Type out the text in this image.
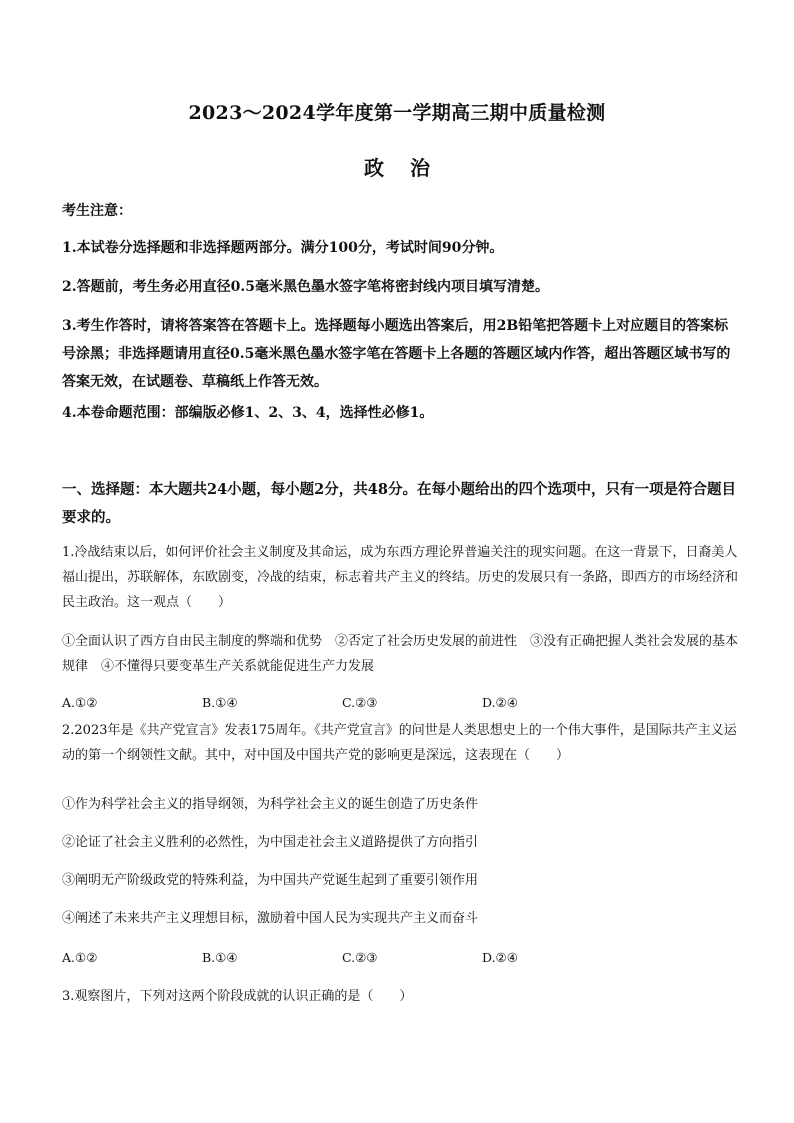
2023～2024学年度第一学期高三期中质量检测
政 治
考生注意：
1.本试卷分选择题和非选择题两部分。满分100分，考试时间90分钟。
2.答题前，考生务必用直径0.5毫米黑色墨水签字笔将密封线内项目填写清楚。
3.考生作答时，请将答案答在答题卡上。选择题每小题选出答案后，用2B铅笔把答题卡上对应题目的答案标号涂黑；非选择题请用直径0.5毫米黑色墨水签字笔在答题卡上各题的答题区域内作答，超出答题区域书写的答案无效，在试题卷、草稿纸上作答无效。
4.本卷命题范围：部编版必修1、2、3、4，选择性必修1。
一、选择题：本大题共24小题，每小题2分，共48分。在每小题给出的四个选项中，只有一项是符合题目要求的。
1.冷战结束以后，如何评价社会主义制度及其命运，成为东西方理论界普遍关注的现实问题。在这一背景下，日裔美人福山提出，苏联解体，东欧剧变，冷战的结束，标志着共产主义的终结。历史的发展只有一条路，即西方的市场经济和民主政治。这一观点（　　）
①全面认识了西方自由民主制度的弊端和优势　②否定了社会历史发展的前进性　③没有正确把握人类社会发展的基本规律　④不懂得只要变革生产关系就能促进生产力发展
A.①②	B.①④	C.②③	D.②④
2.2023年是《共产党宣言》发表175周年。《共产党宣言》的问世是人类思想史上的一个伟大事件，是国际共产主义运动的第一个纲领性文献。其中，对中国及中国共产党的影响更是深远，这表现在（　　）
①作为科学社会主义的指导纲领，为科学社会主义的诞生创造了历史条件
②论证了社会主义胜利的必然性，为中国走社会主义道路提供了方向指引
③阐明无产阶级政党的特殊利益，为中国共产党诞生起到了重要引领作用
④阐述了未来共产主义理想目标，激励着中国人民为实现共产主义而奋斗
A.①②	B.①④	C.②③	D.②④
3.观察图片，下列对这两个阶段成就的认识正确的是（　　）
